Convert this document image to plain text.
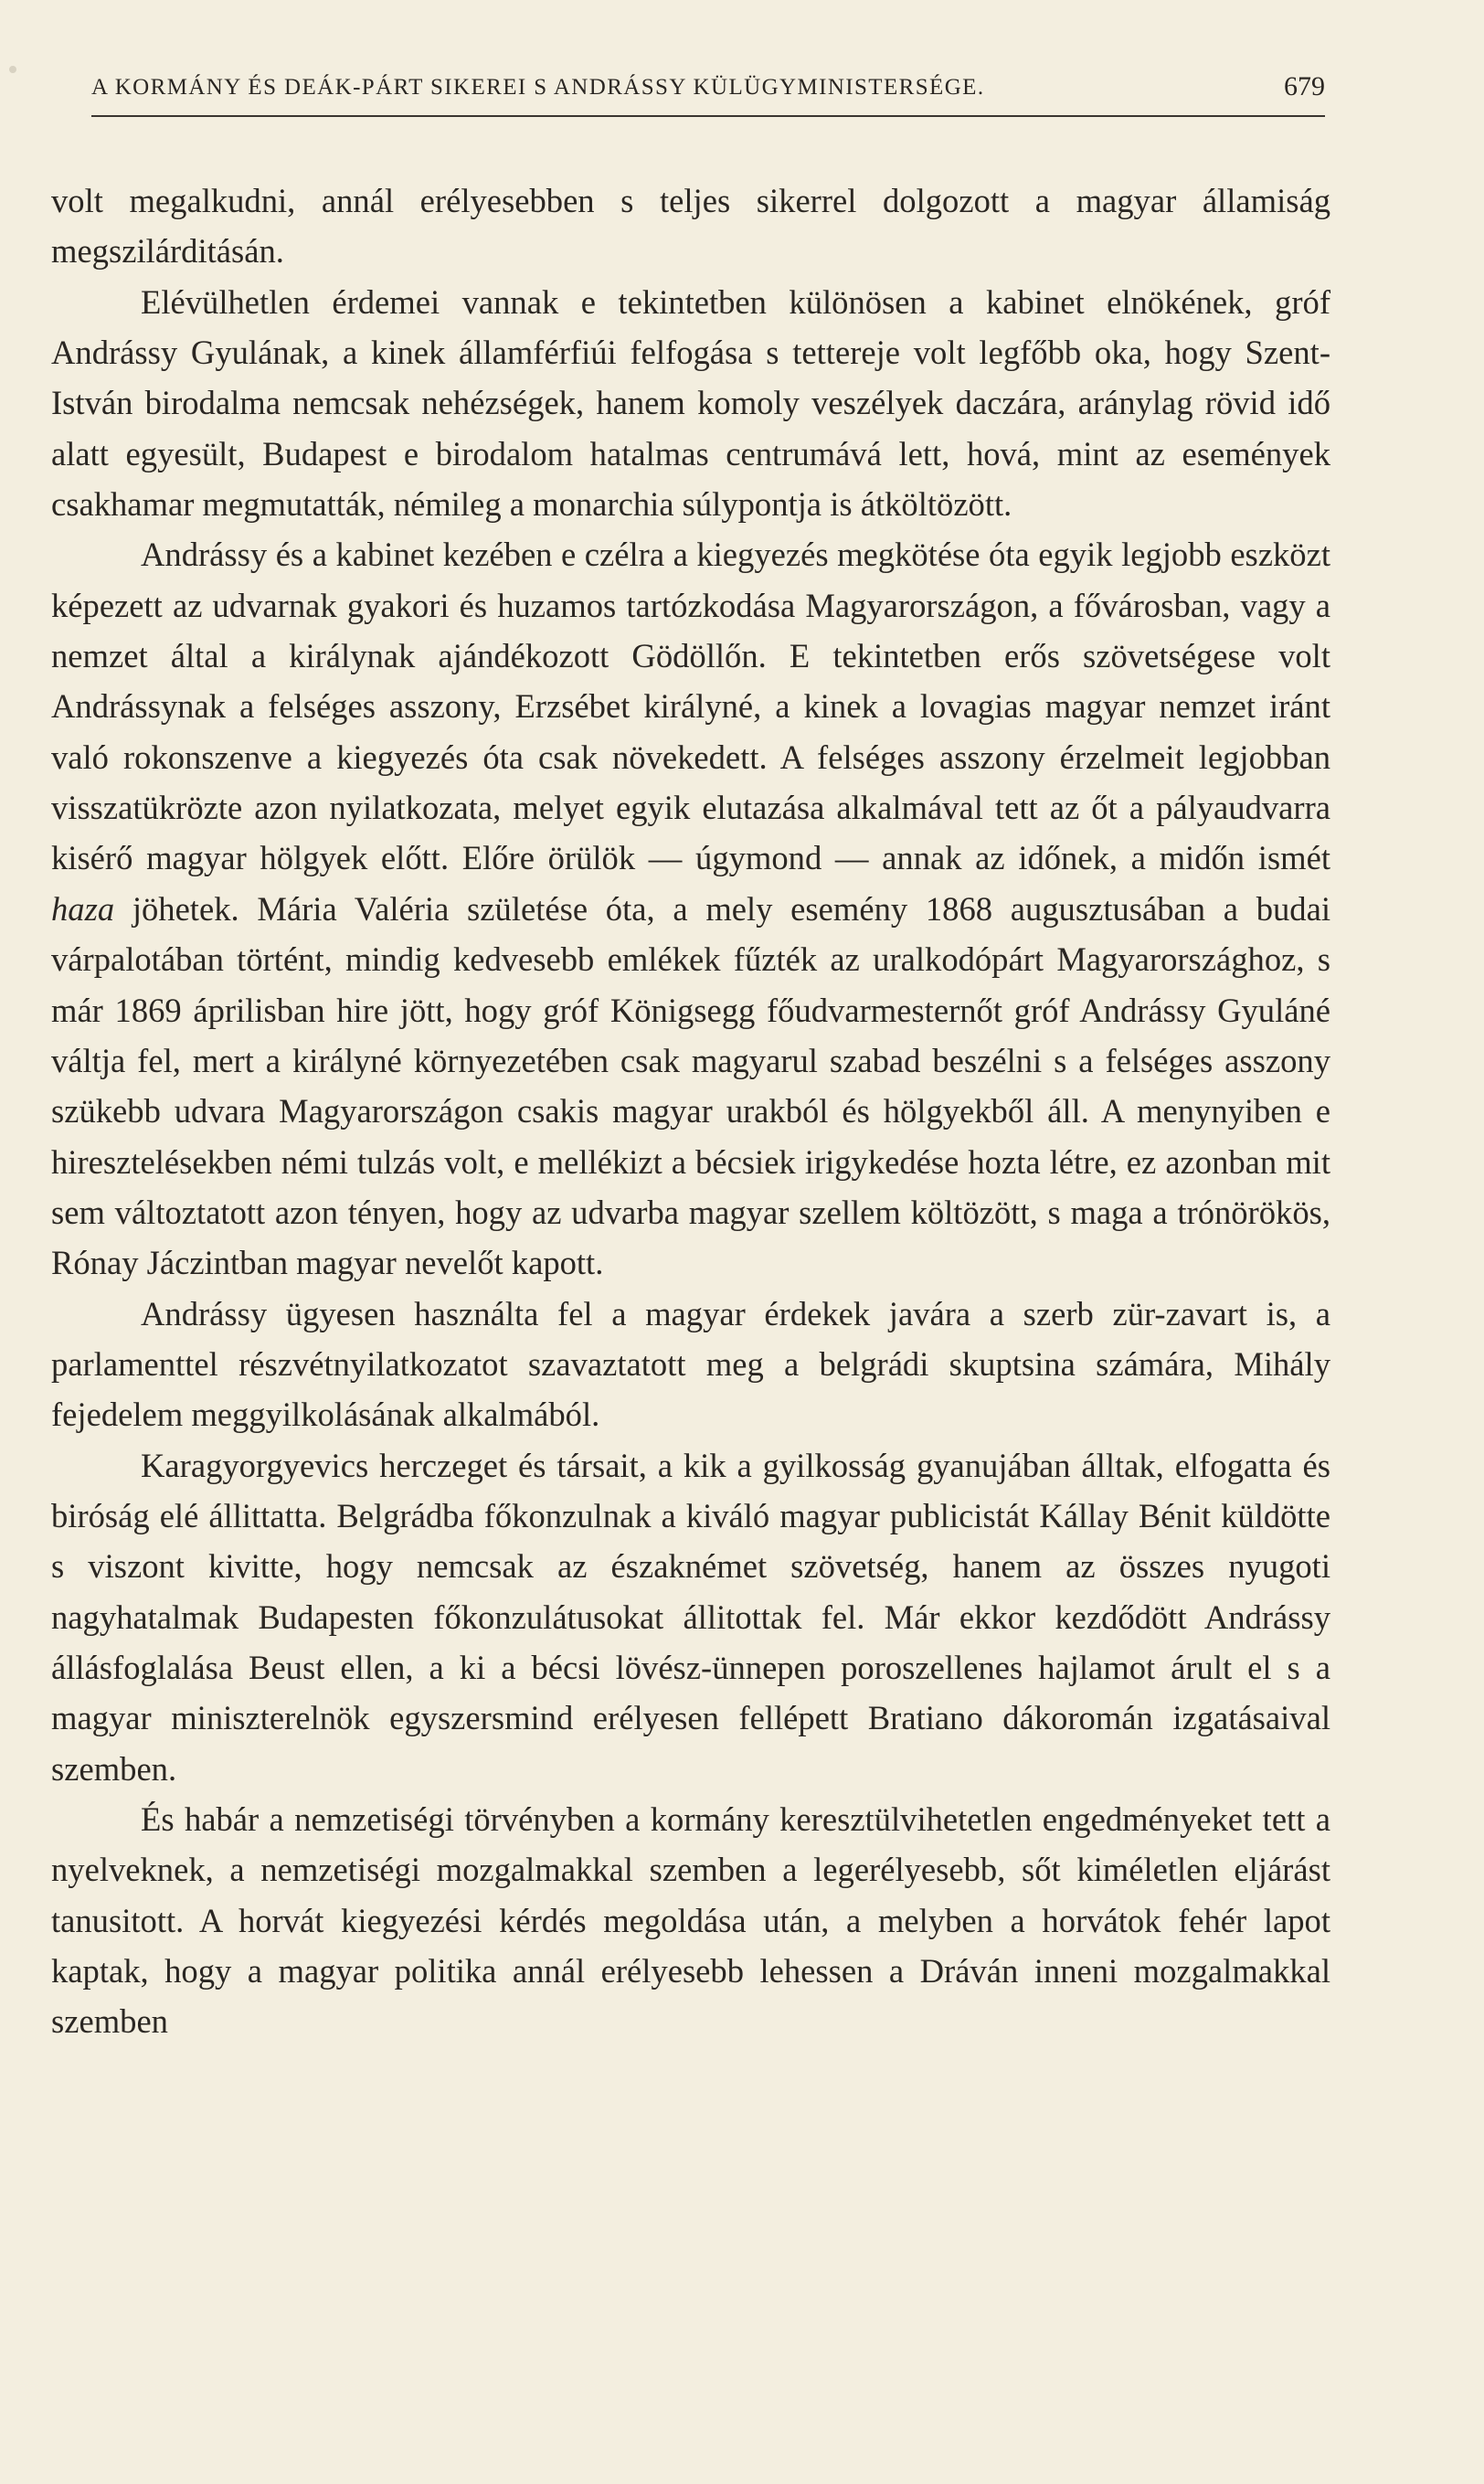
A KORMÁNY ÉS DEÁK-PÁRT SIKEREI S ANDRÁSSY KÜLÜGYMINISTERSÉGE.	679

volt megalkudni, annál erélyesebben s teljes sikerrel dolgozott a magyar államiság megszilárditásán.

Elévülhetlen érdemei vannak e tekintetben különösen a kabinet elnökének, gróf Andrássy Gyulának, a kinek államférfiúi felfogása s tettereje volt legfőbb oka, hogy Szent-István birodalma nemcsak nehézségek, hanem komoly veszélyek daczára, aránylag rövid idő alatt egyesült, Budapest e birodalom hatalmas centrumává lett, hová, mint az események csakhamar megmutatták, némileg a monarchia súlypontja is átköltözött.

Andrássy és a kabinet kezében e czélra a kiegyezés megkötése óta egyik legjobb eszközt képezett az udvarnak gyakori és huzamos tartózkodása Magyarországon, a fővárosban, vagy a nemzet által a királynak ajándékozott Gödöllőn. E tekintetben erős szövetségese volt Andrássynak a felséges asszony, Erzsébet királyné, a kinek a lovagias magyar nemzet iránt való rokonszenve a kiegyezés óta csak növekedett. A felséges asszony érzelmeit legjobban visszatükrözte azon nyilatkozata, melyet egyik elutazása alkalmával tett az őt a pályaudvarra kisérő magyar hölgyek előtt. Előre örülök — úgymond — annak az időnek, a midőn ismét haza jöhetek. Mária Valéria születése óta, a mely esemény 1868 augusztusában a budai várpalotában történt, mindig kedvesebb emlékek fűzték az uralkodópárt Magyarországhoz, s már 1869 áprilisban hire jött, hogy gróf Königsegg főudvarmesternőt gróf Andrássy Gyuláné váltja fel, mert a királyné környezetében csak magyarul szabad beszélni s a felséges asszony szükebb udvara Magyarországon csakis magyar urakból és hölgyekből áll. A menynyiben e hiresztelésekben némi tulzás volt, e mellékizt a bécsiek irigykedése hozta létre, ez azonban mit sem változtatott azon tényen, hogy az udvarba magyar szellem költözött, s maga a trónörökös, Rónay Jáczintban magyar nevelőt kapott.

Andrássy ügyesen használta fel a magyar érdekek javára a szerb zür-zavart is, a parlamenttel részvétnyilatkozatot szavaztatott meg a belgrádi skuptsina számára, Mihály fejedelem meggyilkolásának alkalmából.

Karagyorgyevics herczeget és társait, a kik a gyilkosság gyanujában álltak, elfogatta és biróság elé állittatta. Belgrádba főkonzulnak a kiváló magyar publicistát Kállay Bénit küldötte s viszont kivitte, hogy nemcsak az északnémet szövetség, hanem az összes nyugoti nagyhatalmak Budapesten főkonzulátusokat állitottak fel. Már ekkor kezdődött Andrássy állásfoglalása Beust ellen, a ki a bécsi lövész-ünnepen poroszellenes hajlamot árult el s a magyar miniszterelnök egyszersmind erélyesen fellépett Bratiano dákoromán izgatásaival szemben.

És habár a nemzetiségi törvényben a kormány keresztülvihetetlen engedményeket tett a nyelveknek, a nemzetiségi mozgalmakkal szemben a legerélyesebb, sőt kiméletlen eljárást tanusitott. A horvát kiegyezési kérdés megoldása után, a melyben a horvátok fehér lapot kaptak, hogy a magyar politika annál erélyesebb lehessen a Dráván inneni mozgalmakkal szemben
